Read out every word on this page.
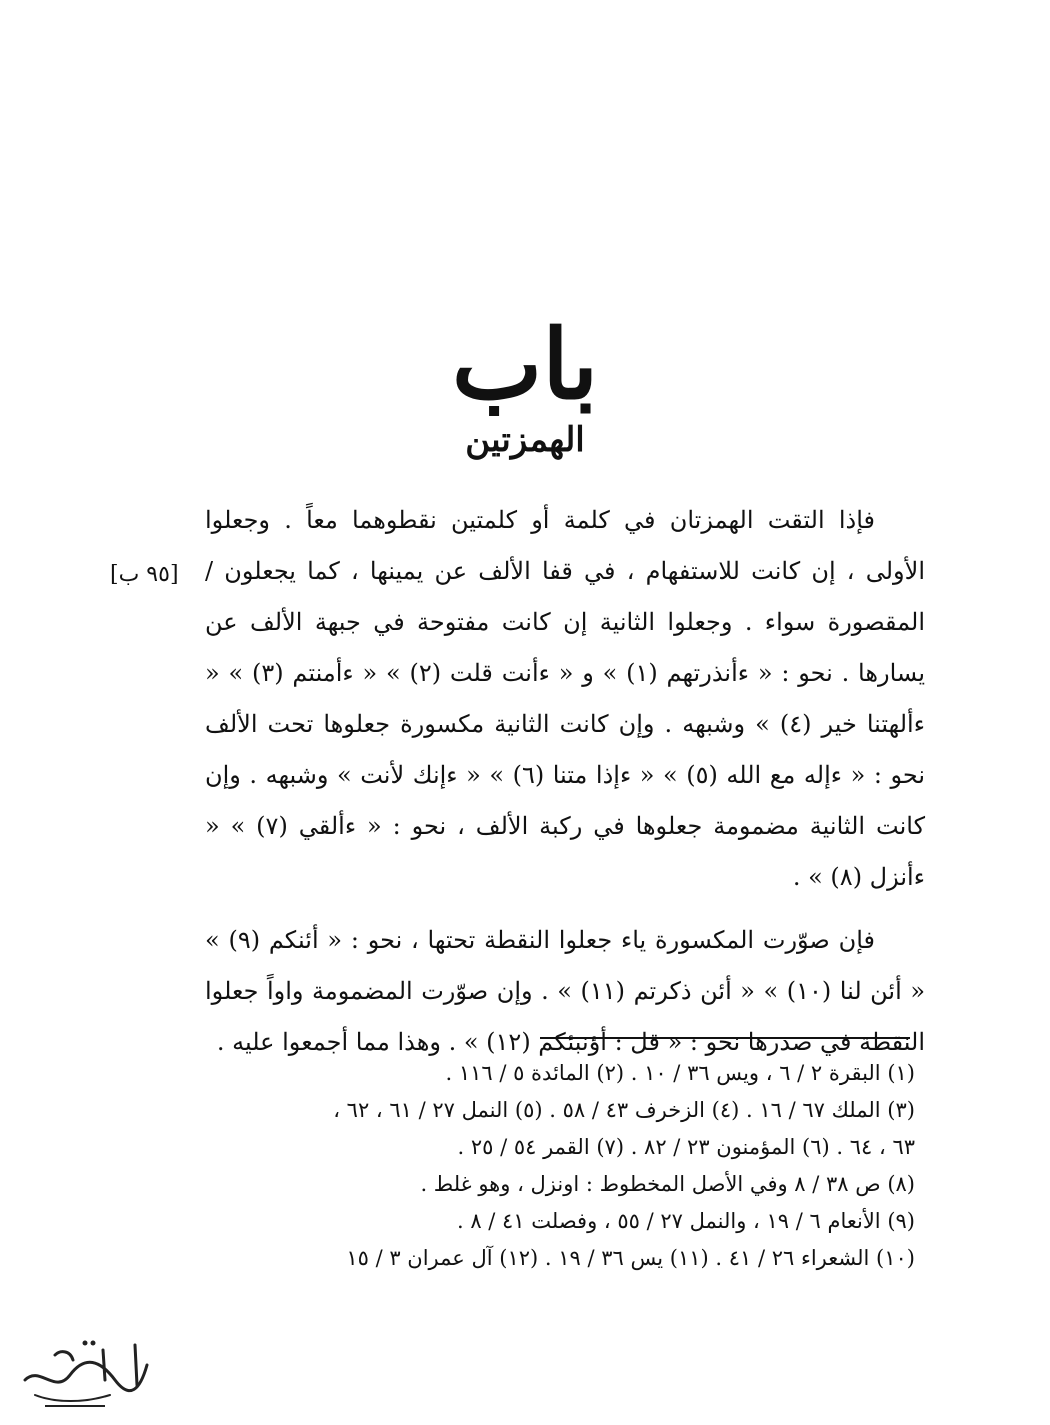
باب
الهمزتين
[٩٥ ب]

فإذا التقت الهمزتان في كلمة أو كلمتين نقطوهما معاً . وجعلوا الأولى ، إن كانت للاستفهام ، في قفا الألف عن يمينها ، كما يجعلون / المقصورة سواء . وجعلوا الثانية إن كانت مفتوحة في جبهة الألف عن يسارها . نحو : « ءأنذرتهم (١) » و « ءأنت قلت (٢) » « ءأمنتم (٣) » « ءألهتنا خير (٤) » وشبهه . وإن كانت الثانية مكسورة جعلوها تحت الألف نحو : « ءإله مع الله (٥) » « ءإذا متنا (٦) » « ءإنك لأنت » وشبهه . وإن كانت الثانية مضمومة جعلوها في ركبة الألف ، نحو : « ءألقي (٧) » « ءأنزل (٨) » .

فإن صوّرت المكسورة ياء جعلوا النقطة تحتها ، نحو : « أئنكم (٩) » « أئن لنا (١٠) » « أئن ذكرتم (١١) » . وإن صوّرت المضمومة واواً جعلوا النقطة في صدرها نحو : « قل : أؤنبئكم (١٢) » . وهذا مما أجمعوا عليه .

(١) البقرة ٢ / ٦ ، ويس ٣٦ / ١٠ . (٢) المائدة ٥ / ١١٦ .
(٣) الملك ٦٧ / ١٦ . (٤) الزخرف ٤٣ / ٥٨ . (٥) النمل ٢٧ / ٦١ ، ٦٢ ،
٦٣ ، ٦٤ . (٦) المؤمنون ٢٣ / ٨٢ . (٧) القمر ٥٤ / ٢٥ .
(٨) ص ٣٨ / ٨ وفي الأصل المخطوط : اونزل ، وهو غلط .
(٩) الأنعام ٦ / ١٩ ، والنمل ٢٧ / ٥٥ ، وفصلت ٤١ / ٨ .
(١٠) الشعراء ٢٦ / ٤١ . (١١) يس ٣٦ / ١٩ . (١٢) آل عمران ٣ / ١٥
